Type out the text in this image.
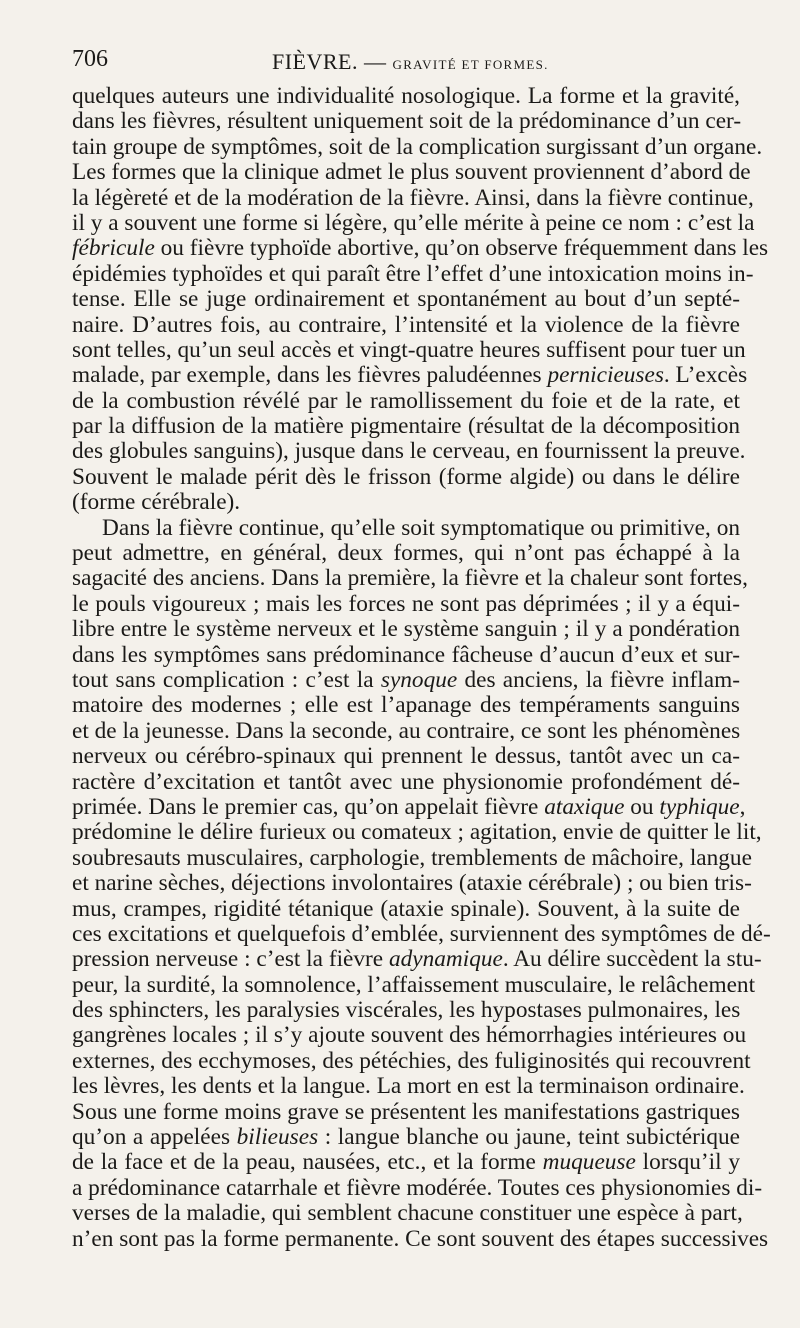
706	FIÈVRE. — GRAVITÉ ET FORMES.
quelques auteurs une individualité nosologique. La forme et la gravité,
dans les fièvres, résultent uniquement soit de la prédominance d’un cer-
tain groupe de symptômes, soit de la complication surgissant d’un organe.
Les formes que la clinique admet le plus souvent proviennent d’abord de
la légèreté et de la modération de la fièvre. Ainsi, dans la fièvre continue,
il y a souvent une forme si légère, qu’elle mérite à peine ce nom : c’est la
fébricule ou fièvre typhoïde abortive, qu’on observe fréquemment dans les
épidémies typhoïdes et qui paraît être l’effet d’une intoxication moins in-
tense. Elle se juge ordinairement et spontanément au bout d’un septé-
naire. D’autres fois, au contraire, l’intensité et la violence de la fièvre
sont telles, qu’un seul accès et vingt-quatre heures suffisent pour tuer un
malade, par exemple, dans les fièvres paludéennes pernicieuses. L’excès
de la combustion révélé par le ramollissement du foie et de la rate, et
par la diffusion de la matière pigmentaire (résultat de la décomposition
des globules sanguins), jusque dans le cerveau, en fournissent la preuve.
Souvent le malade périt dès le frisson (forme algide) ou dans le délire
(forme cérébrale).
Dans la fièvre continue, qu’elle soit symptomatique ou primitive, on
peut admettre, en général, deux formes, qui n’ont pas échappé à la
sagacité des anciens. Dans la première, la fièvre et la chaleur sont fortes,
le pouls vigoureux ; mais les forces ne sont pas déprimées ; il y a équi-
libre entre le système nerveux et le système sanguin ; il y a pondération
dans les symptômes sans prédominance fâcheuse d’aucun d’eux et sur-
tout sans complication : c’est la synoque des anciens, la fièvre inflam-
matoire des modernes ; elle est l’apanage des tempéraments sanguins
et de la jeunesse. Dans la seconde, au contraire, ce sont les phénomènes
nerveux ou cérébro-spinaux qui prennent le dessus, tantôt avec un ca-
ractère d’excitation et tantôt avec une physionomie profondément dé-
primée. Dans le premier cas, qu’on appelait fièvre ataxique ou typhique,
prédomine le délire furieux ou comateux ; agitation, envie de quitter le lit,
soubresauts musculaires, carphologie, tremblements de mâchoire, langue
et narine sèches, déjections involontaires (ataxie cérébrale) ; ou bien tris-
mus, crampes, rigidité tétanique (ataxie spinale). Souvent, à la suite de
ces excitations et quelquefois d’emblée, surviennent des symptômes de dé-
pression nerveuse : c’est la fièvre adynamique. Au délire succèdent la stu-
peur, la surdité, la somnolence, l’affaissement musculaire, le relâchement
des sphincters, les paralysies viscérales, les hypostases pulmonaires, les
gangrènes locales ; il s’y ajoute souvent des hémorrhagies intérieures ou
externes, des ecchymoses, des pétéchies, des fuliginosités qui recouvrent
les lèvres, les dents et la langue. La mort en est la terminaison ordinaire.
Sous une forme moins grave se présentent les manifestations gastriques
qu’on a appelées bilieuses : langue blanche ou jaune, teint subictérique
de la face et de la peau, nausées, etc., et la forme muqueuse lorsqu’il y
a prédominance catarrhale et fièvre modérée. Toutes ces physionomies di-
verses de la maladie, qui semblent chacune constituer une espèce à part,
n’en sont pas la forme permanente. Ce sont souvent des étapes successives
